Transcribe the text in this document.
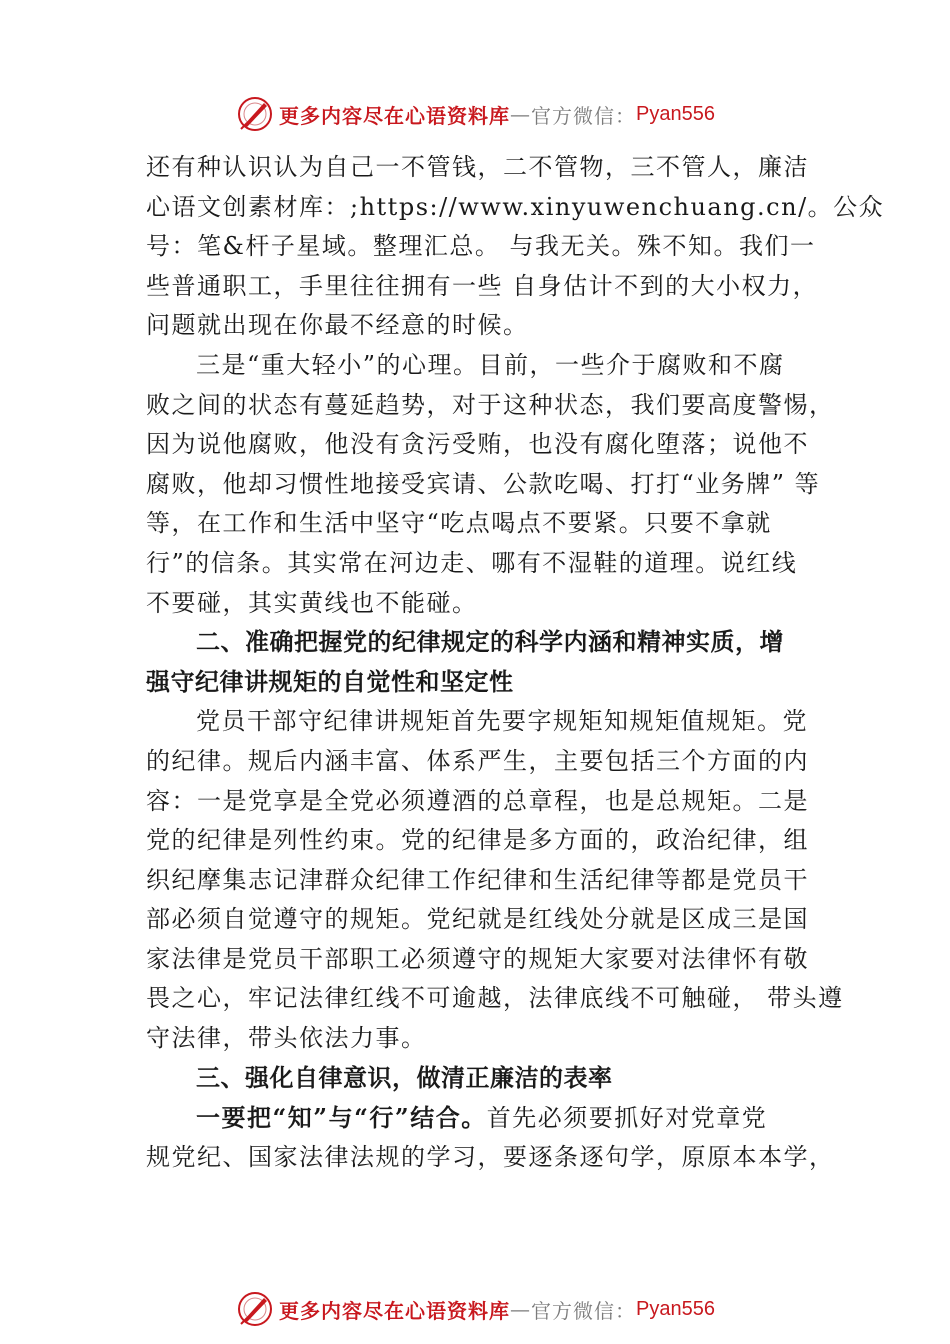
更多内容尽在心语资料库 — 官方微信： Pyan556
还有种认识认为自己一不管钱，二不管物，三不管人，廉洁
心语文创素材库：;https://www.xinyuwenchuang.cn/。公众
号：笔&杆子星域。整理汇总。 与我无关。殊不知。我们一
些普通职工，手里往往拥有一些 自身估计不到的大小权力，
问题就出现在你最不经意的时候。
三是“重大轻小”的心理。目前，一些介于腐败和不腐
败之间的状态有蔓延趋势，对于这种状态，我们要高度警惕，
因为说他腐败，他没有贪污受贿，也没有腐化堕落；说他不
腐败，他却习惯性地接受宾请、公款吃喝、打打“业务牌” 等
等，在工作和生活中坚守“吃点喝点不要紧。只要不拿就
行”的信条。其实常在河边走、哪有不湿鞋的道理。说红线
不要碰，其实黄线也不能碰。
二、准确把握党的纪律规定的科学内涵和精神实质，增
强守纪律讲规矩的自觉性和坚定性
党员干部守纪律讲规矩首先要字规矩知规矩值规矩。党
的纪律。规后内涵丰富、体系严生，主要包括三个方面的内
容：一是党享是全党必须遵酒的总章程，也是总规矩。二是
党的纪律是列性约束。党的纪律是多方面的，政治纪律，组
织纪摩集志记津群众纪律工作纪律和生活纪律等都是党员干
部必须自觉遵守的规矩。党纪就是红线处分就是区成三是国
家法律是党员干部职工必须遵守的规矩大家要对法律怀有敬
畏之心，牢记法律红线不可逾越，法律底线不可触碰， 带头遵
守法律，带头依法力事。
三、强化自律意识，做清正廉洁的表率
一要把“知”与“行”结合。首先必须要抓好对党章党
规党纪、国家法律法规的学习，要逐条逐句学，原原本本学，
更多内容尽在心语资料库 — 官方微信： Pyan556
